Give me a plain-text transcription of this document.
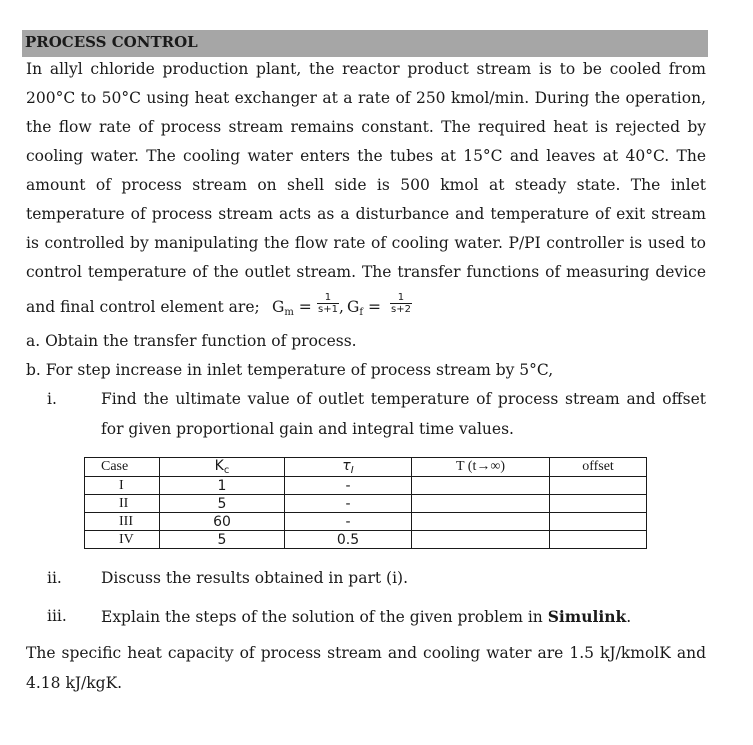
PROCESS CONTROL
In allyl chloride production plant, the reactor product stream is to be cooled from
200°C to 50°C using heat exchanger at a rate of 250 kmol/min. During the operation,
the flow rate of process stream remains constant. The required heat is rejected by
cooling water. The cooling water enters the tubes at 15°C and leaves at 40°C. The
amount of process stream on shell side is 500 kmol at steady state. The inlet
temperature of process stream acts as a disturbance and temperature of exit stream
is controlled by manipulating the flow rate of cooling water. P/PI controller is used to
control temperature of the outlet stream. The transfer functions of measuring device
and final control element are; $G_m = \frac{1}{s+1}$ , $G_f = \frac{1}{s+2}$
a. Obtain the transfer function of process.
b. For step increase in inlet temperature of process stream by 5°C,
i.	Find the ultimate value of outlet temperature of process stream and offset
for given proportional gain and integral time values.
Case	$K_c$	$\tau_I$	T (t→∞)	offset
I	1	-		
II	5	-		
III	60	-		
IV	5	0.5		
ii.	Discuss the results obtained in part (i).
iii. Explain the steps of the solution of the given problem in Simulink.
The specific heat capacity of process stream and cooling water are 1.5 kJ/kmolK and
4.18 kJ/kgK.
